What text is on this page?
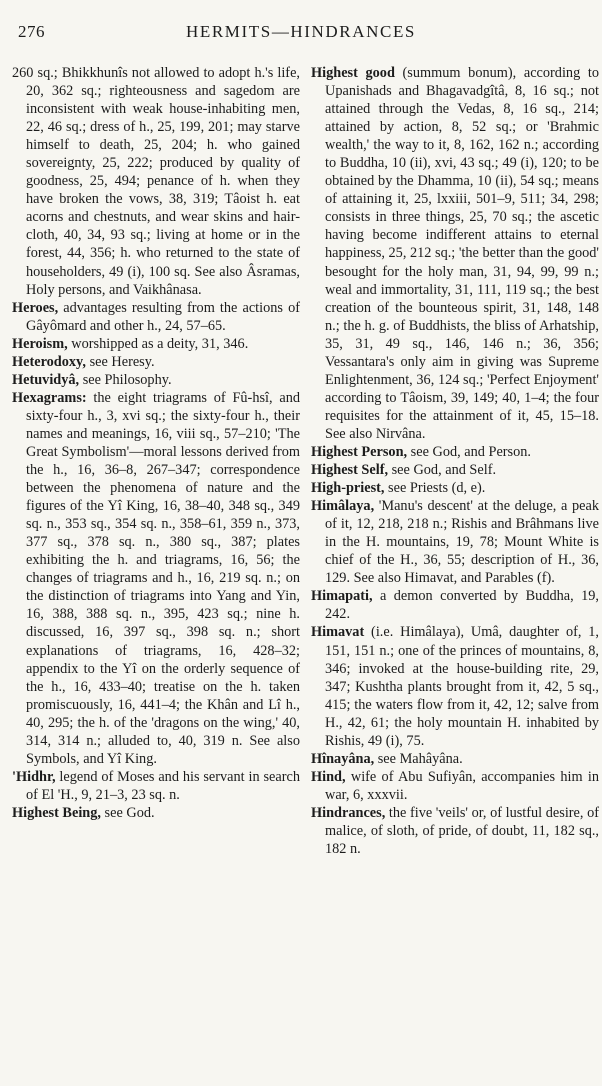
276	HERMITS—HINDRANCES

260 sq.; Bhikkhunîs not allowed to adopt h.'s life, 20, 362 sq.; righteousness and sagedom are inconsistent with weak house-inhabiting men, 22, 46 sq.; dress of h., 25, 199, 201; may starve himself to death, 25, 204; h. who gained sovereignty, 25, 222; produced by quality of goodness, 25, 494; penance of h. when they have broken the vows, 38, 319; Tâoist h. eat acorns and chestnuts, and wear skins and hair-cloth, 40, 34, 93 sq.; living at home or in the forest, 44, 356; h. who returned to the state of householders, 49 (i), 100 sq. See also Âsramas, Holy persons, and Vaikhânasa.

Heroes, advantages resulting from the actions of Gâyômard and other h., 24, 57–65.

Heroism, worshipped as a deity, 31, 346.

Heterodoxy, see Heresy.

Hetuvidyâ, see Philosophy.

Hexagrams: the eight triagrams of Fû-hsî, and sixty-four h., 3, xvi sq.; the sixty-four h., their names and meanings, 16, viii sq., 57–210; 'The Great Symbolism'—moral lessons derived from the h., 16, 36–8, 267–347; correspondence between the phenomena of nature and the figures of the Yî King, 16, 38–40, 348 sq., 349 sq. n., 353 sq., 354 sq. n., 358–61, 359 n., 373, 377 sq., 378 sq. n., 380 sq., 387; plates exhibiting the h. and triagrams, 16, 56; the changes of triagrams and h., 16, 219 sq. n.; on the distinction of triagrams into Yang and Yin, 16, 388, 388 sq. n., 395, 423 sq.; nine h. discussed, 16, 397 sq., 398 sq. n.; short explanations of triagrams, 16, 428–32; appendix to the Yî on the orderly sequence of the h., 16, 433–40; treatise on the h. taken promiscuously, 16, 441–4; the Khân and Lî h., 40, 295; the h. of the 'dragons on the wing,' 40, 314, 314 n.; alluded to, 40, 319 n. See also Symbols, and Yî King.

'Hidhr, legend of Moses and his servant in search of El 'H., 9, 21–3, 23 sq. n.

Highest Being, see God.

Highest good (summum bonum), according to Upanishads and Bhagavadgîtâ, 8, 16 sq.; not attained through the Vedas, 8, 16 sq., 214; attained by action, 8, 52 sq.; or 'Brahmic wealth,' the way to it, 8, 162, 162 n.; according to Buddha, 10 (ii), xvi, 43 sq.; 49 (i), 120; to be obtained by the Dhamma, 10 (ii), 54 sq.; means of attaining it, 25, lxxiii, 501–9, 511; 34, 298; consists in three things, 25, 70 sq.; the ascetic having become indifferent attains to eternal happiness, 25, 212 sq.; 'the better than the good' besought for the holy man, 31, 94, 99, 99 n.; weal and immortality, 31, 111, 119 sq.; the best creation of the bounteous spirit, 31, 148, 148 n.; the h. g. of Buddhists, the bliss of Arhatship, 35, 31, 49 sq., 146, 146 n.; 36, 356; Vessantara's only aim in giving was Supreme Enlightenment, 36, 124 sq.; 'Perfect Enjoyment' according to Tâoism, 39, 149; 40, 1–4; the four requisites for the attainment of it, 45, 15–18. See also Nirvâna.

Highest Person, see God, and Person.

Highest Self, see God, and Self.

High-priest, see Priests (d, e).

Himâlaya, 'Manu's descent' at the deluge, a peak of it, 12, 218, 218 n.; Rishis and Brâhmans live in the H. mountains, 19, 78; Mount White is chief of the H., 36, 55; description of H., 36, 129. See also Himavat, and Parables (f).

Himapati, a demon converted by Buddha, 19, 242.

Himavat (i.e. Himâlaya), Umâ, daughter of, 1, 151, 151 n.; one of the princes of mountains, 8, 346; invoked at the house-building rite, 29, 347; Kushtha plants brought from it, 42, 5 sq., 415; the waters flow from it, 42, 12; salve from H., 42, 61; the holy mountain H. inhabited by Rishis, 49 (i), 75.

Hînayâna, see Mahâyâna.

Hind, wife of Abu Sufiyân, accompanies him in war, 6, xxxvii.

Hindrances, the five 'veils' or, of lustful desire, of malice, of sloth, of pride, of doubt, 11, 182 sq., 182 n.
